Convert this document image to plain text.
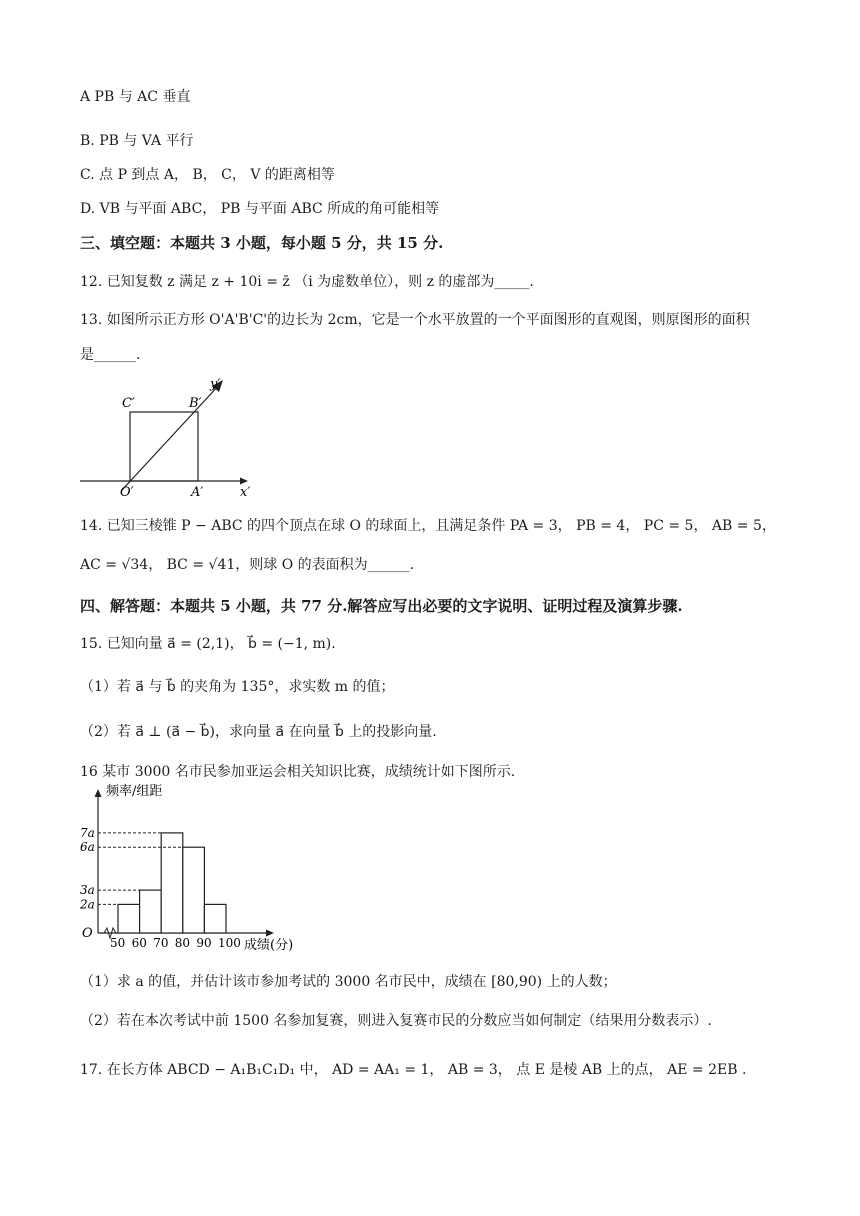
A PB 与 AC 垂直
B. PB 与 VA 平行
C. 点 P 到点 A， B， C， V 的距离相等
D. VB 与平面 ABC， PB 与平面 ABC 所成的角可能相等
三、填空题：本题共 3 小题，每小题 5 分，共 15 分.
12. 已知复数 z 满足 z + 10i = z̄ （i 为虚数单位），则 z 的虚部为_____.
13. 如图所示正方形 O'A'B'C'的边长为 2cm，它是一个水平放置的一个平面图形的直观图，则原图形的面积
是______.
C′	B′
O′	A′	x′
y′
14. 已知三棱锥 P − ABC 的四个顶点在球 O 的球面上，且满足条件 PA = 3， PB = 4， PC = 5， AB = 5，
AC = √34， BC = √41，则球 O 的表面积为______.
四、解答题：本题共 5 小题，共 77 分.解答应写出必要的文字说明、证明过程及演算步骤.
15. 已知向量 a⃗ = (2,1)， b⃗ = (−1, m).
（1）若 a⃗ 与 b⃗ 的夹角为 135°，求实数 m 的值；
（2）若 a⃗ ⊥ (a⃗ − b⃗)，求向量 a⃗ 在向量 b⃗ 上的投影向量.
16 某市 3000 名市民参加亚运会相关知识比赛，成绩统计如下图所示.
7a
6a
3a
2a
50 60 70 80 90 100
O
频率/组距
成绩(分)
（1）求 a 的值，并估计该市参加考试的 3000 名市民中，成绩在 [80,90) 上的人数；
（2）若在本次考试中前 1500 名参加复赛，则进入复赛市民的分数应当如何制定（结果用分数表示）.
17. 在长方体 ABCD − A₁B₁C₁D₁ 中， AD = AA₁ = 1， AB = 3， 点 E 是棱 AB 上的点， AE = 2EB .
